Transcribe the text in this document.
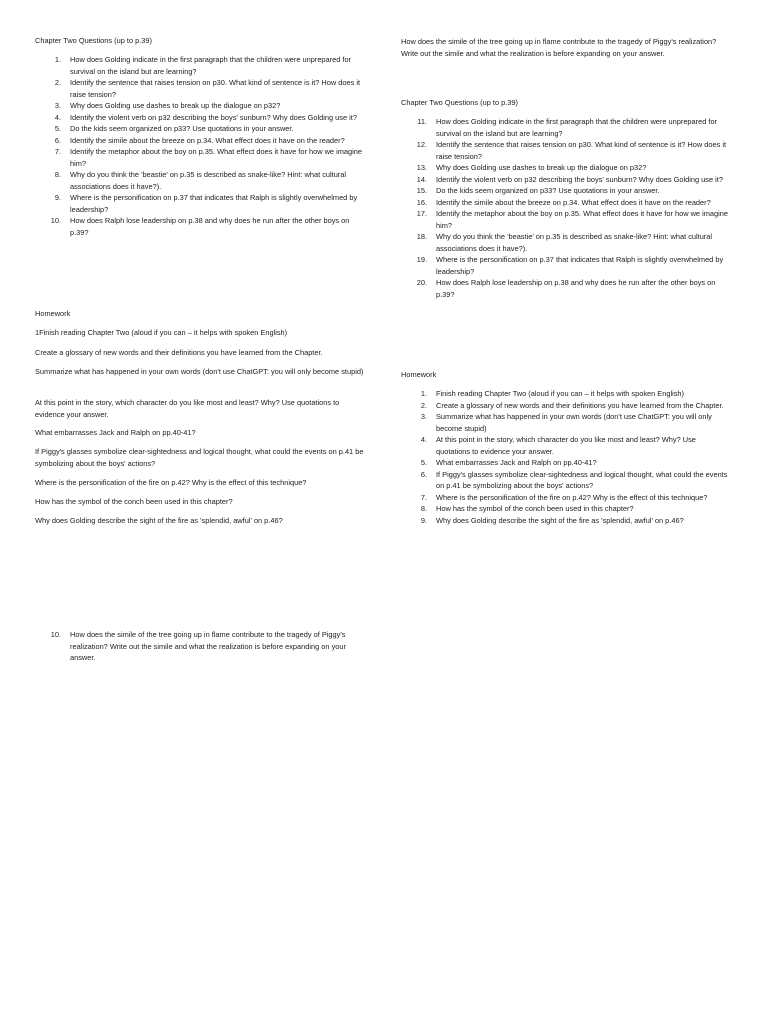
Chapter Two Questions (up to p.39)
1. How does Golding indicate in the first paragraph that the children were unprepared for survival on the island but are learning?
2. Identify the sentence that raises tension on p30. What kind of sentence is it? How does it raise tension?
3. Why does Golding use dashes to break up the dialogue on p32?
4. Identify the violent verb on p32 describing the boys' sunburn? Why does Golding use it?
5. Do the kids seem organized on p33? Use quotations in your answer.
6. Identify the simile about the breeze on p.34. What effect does it have on the reader?
7. Identify the metaphor about the boy on p.35. What effect does it have for how we imagine him?
8. Why do you think the 'beastie' on p.35 is described as snake-like? Hint: what cultural associations does it have?).
9. Where is the personification on p.37 that indicates that Ralph is slightly overwhelmed by leadership?
10. How does Ralph lose leadership on p.38 and why does he run after the other boys on p.39?
Homework
1Finish reading Chapter Two (aloud if you can – it helps with spoken English)
Create a glossary of new words and their definitions you have learned from the Chapter.
Summarize what has happened in your own words (don't use ChatGPT: you will only become stupid)
At this point in the story, which character do you like most and least? Why? Use quotations to evidence your answer.
What embarrasses Jack and Ralph on pp.40-41?
If Piggy's glasses symbolize clear-sightedness and logical thought, what could the events on p.41 be symbolizing about the boys' actions?
Where is the personification of the fire on p.42? Why is the effect of this technique?
How has the symbol of the conch been used in this chapter?
Why does Golding describe the sight of the fire as 'splendid, awful' on p.46?
10. How does the simile of the tree going up in flame contribute to the tragedy of Piggy's realization? Write out the simile and what the realization is before expanding on your answer.
How does the simile of the tree going up in flame contribute to the tragedy of Piggy's realization? Write out the simile and what the realization is before expanding on your answer.
Chapter Two Questions (up to p.39)
11. How does Golding indicate in the first paragraph that the children were unprepared for survival on the island but are learning?
12. Identify the sentence that raises tension on p30. What kind of sentence is it? How does it raise tension?
13. Why does Golding use dashes to break up the dialogue on p32?
14. Identify the violent verb on p32 describing the boys' sunburn? Why does Golding use it?
15. Do the kids seem organized on p33? Use quotations in your answer.
16. Identify the simile about the breeze on p.34. What effect does it have on the reader?
17. Identify the metaphor about the boy on p.35. What effect does it have for how we imagine him?
18. Why do you think the 'beastie' on p.35 is described as snake-like? Hint: what cultural associations does it have?).
19. Where is the personification on p.37 that indicates that Ralph is slightly overwhelmed by leadership?
20. How does Ralph lose leadership on p.38 and why does he run after the other boys on p.39?
Homework
1. Finish reading Chapter Two (aloud if you can – it helps with spoken English)
2. Create a glossary of new words and their definitions you have learned from the Chapter.
3. Summarize what has happened in your own words (don't use ChatGPT: you will only become stupid)
4. At this point in the story, which character do you like most and least? Why? Use quotations to evidence your answer.
5. What embarrasses Jack and Ralph on pp.40-41?
6. If Piggy's glasses symbolize clear-sightedness and logical thought, what could the events on p.41 be symbolizing about the boys' actions?
7. Where is the personification of the fire on p.42? Why is the effect of this technique?
8. How has the symbol of the conch been used in this chapter?
9. Why does Golding describe the sight of the fire as 'splendid, awful' on p.46?
